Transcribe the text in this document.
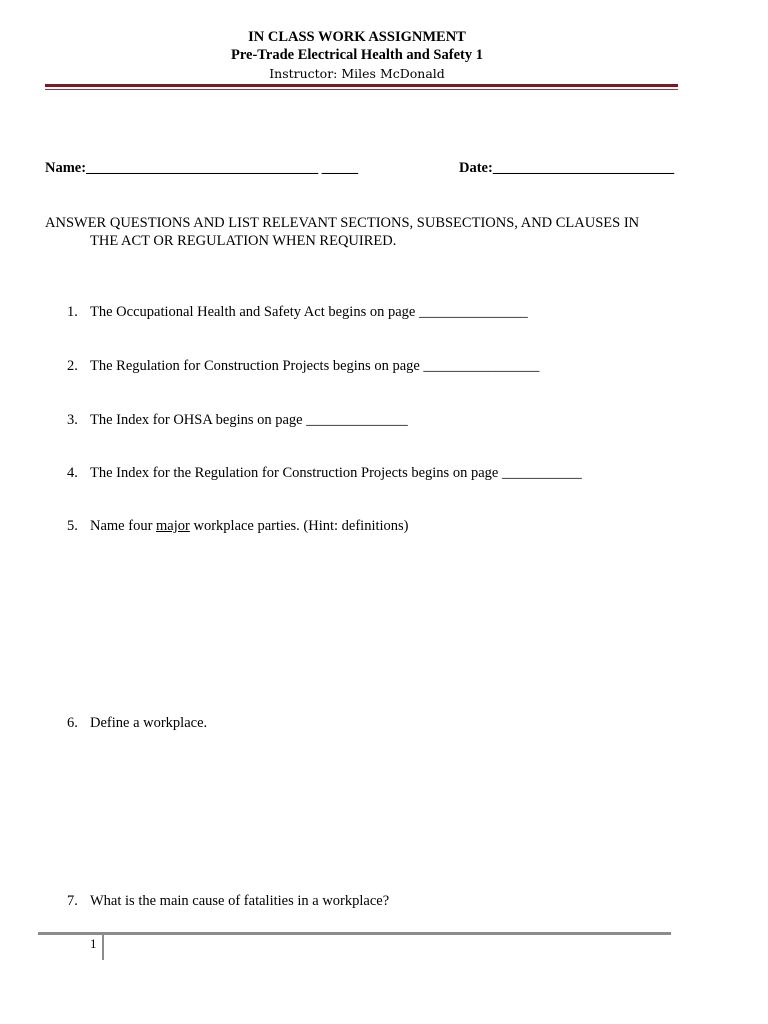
IN CLASS WORK ASSIGNMENT
Pre-Trade Electrical Health and Safety 1
Instructor: Miles McDonald
Name:________________________________ _____	Date:_________________________
ANSWER QUESTIONS AND LIST RELEVANT SECTIONS, SUBSECTIONS, AND CLAUSES IN
THE ACT OR REGULATION WHEN REQUIRED.
1. The Occupational Health and Safety Act begins on page _______________
2. The Regulation for Construction Projects begins on page ________________
3. The Index for OHSA begins on page ______________
4. The Index for the Regulation for Construction Projects begins on page ___________
5. Name four major workplace parties. (Hint: definitions)
6. Define a workplace.
7. What is the main cause of fatalities in a workplace?
1
